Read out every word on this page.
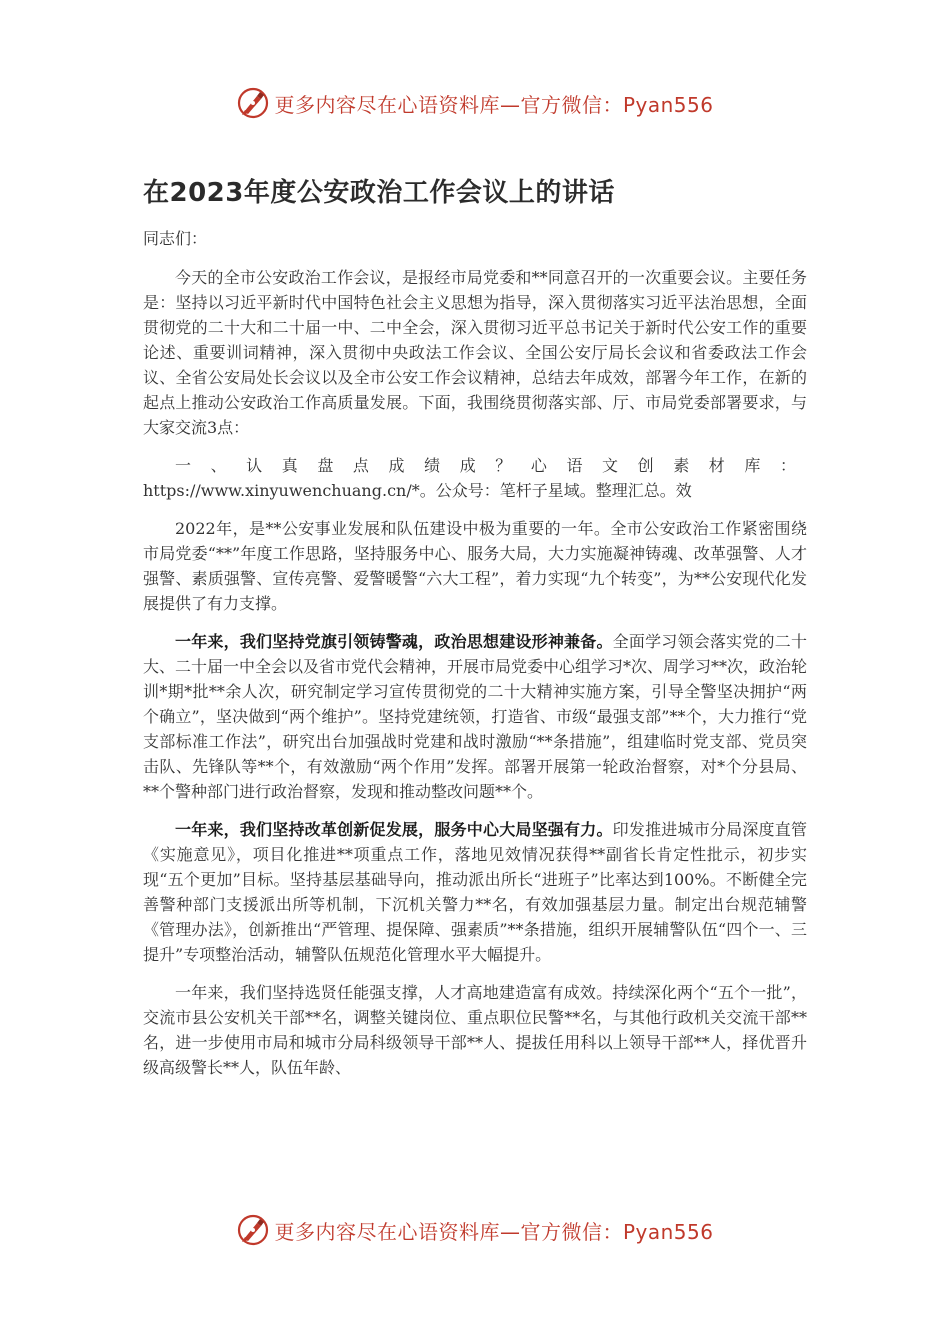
更多内容尽在心语资料库—官方微信：Pyan556
在2023年度公安政治工作会议上的讲话

同志们：

今天的全市公安政治工作会议，是报经市局党委和**同意召开的一次重要会议。主要任务是：坚持以习近平新时代中国特色社会主义思想为指导，深入贯彻落实习近平法治思想，全面贯彻党的二十大和二十届一中、二中全会，深入贯彻习近平总书记关于新时代公安工作的重要论述、重要训词精神，深入贯彻中央政法工作会议、全国公安厅局长会议和省委政法工作会议、全省公安局处长会议以及全市公安工作会议精神，总结去年成效，部署今年工作，在新的起点上推动公安政治工作高质量发展。下面，我围绕贯彻落实部、厅、市局党委部署要求，与大家交流3点：

一、认真盘点成绩成？心语文创素材库： https://www.xinyuwenchuang.cn/*。公众号：笔杆子星域。整理汇总。效

2022年，是**公安事业发展和队伍建设中极为重要的一年。全市公安政治工作紧密围绕市局党委“**”年度工作思路，坚持服务中心、服务大局，大力实施凝神铸魂、改革强警、人才强警、素质强警、宣传亮警、爱警暖警“六大工程”，着力实现“九个转变”，为**公安现代化发展提供了有力支撑。

一年来，我们坚持党旗引领铸警魂，政治思想建设形神兼备。全面学习领会落实党的二十大、二十届一中全会以及省市党代会精神，开展市局党委中心组学习*次、周学习**次，政治轮训*期*批**余人次，研究制定学习宣传贯彻党的二十大精神实施方案，引导全警坚决拥护“两个确立”，坚决做到“两个维护”。坚持党建统领，打造省、市级“最强支部”**个，大力推行“党支部标准工作法”，研究出台加强战时党建和战时激励“**条措施”，组建临时党支部、党员突击队、先锋队等**个，有效激励“两个作用”发挥。部署开展第一轮政治督察，对*个分县局、**个警种部门进行政治督察，发现和推动整改问题**个。

一年来，我们坚持改革创新促发展，服务中心大局坚强有力。印发推进城市分局深度直管《实施意见》，项目化推进**项重点工作，落地见效情况获得**副省长肯定性批示，初步实现“五个更加”目标。坚持基层基础导向，推动派出所长“进班子”比率达到100%。不断健全完善警种部门支援派出所等机制，下沉机关警力**名，有效加强基层力量。制定出台规范辅警《管理办法》，创新推出“严管理、提保障、强素质”**条措施，组织开展辅警队伍“四个一、三提升”专项整治活动，辅警队伍规范化管理水平大幅提升。

一年来，我们坚持选贤任能强支撑，人才高地建造富有成效。持续深化两个“五个一批”，交流市县公安机关干部**名，调整关键岗位、重点职位民警**名，与其他行政机关交流干部**名，进一步使用市局和城市分局科级领导干部**人、提拔任用科以上领导干部**人，择优晋升级高级警长**人，队伍年龄、

更多内容尽在心语资料库—官方微信：Pyan556
